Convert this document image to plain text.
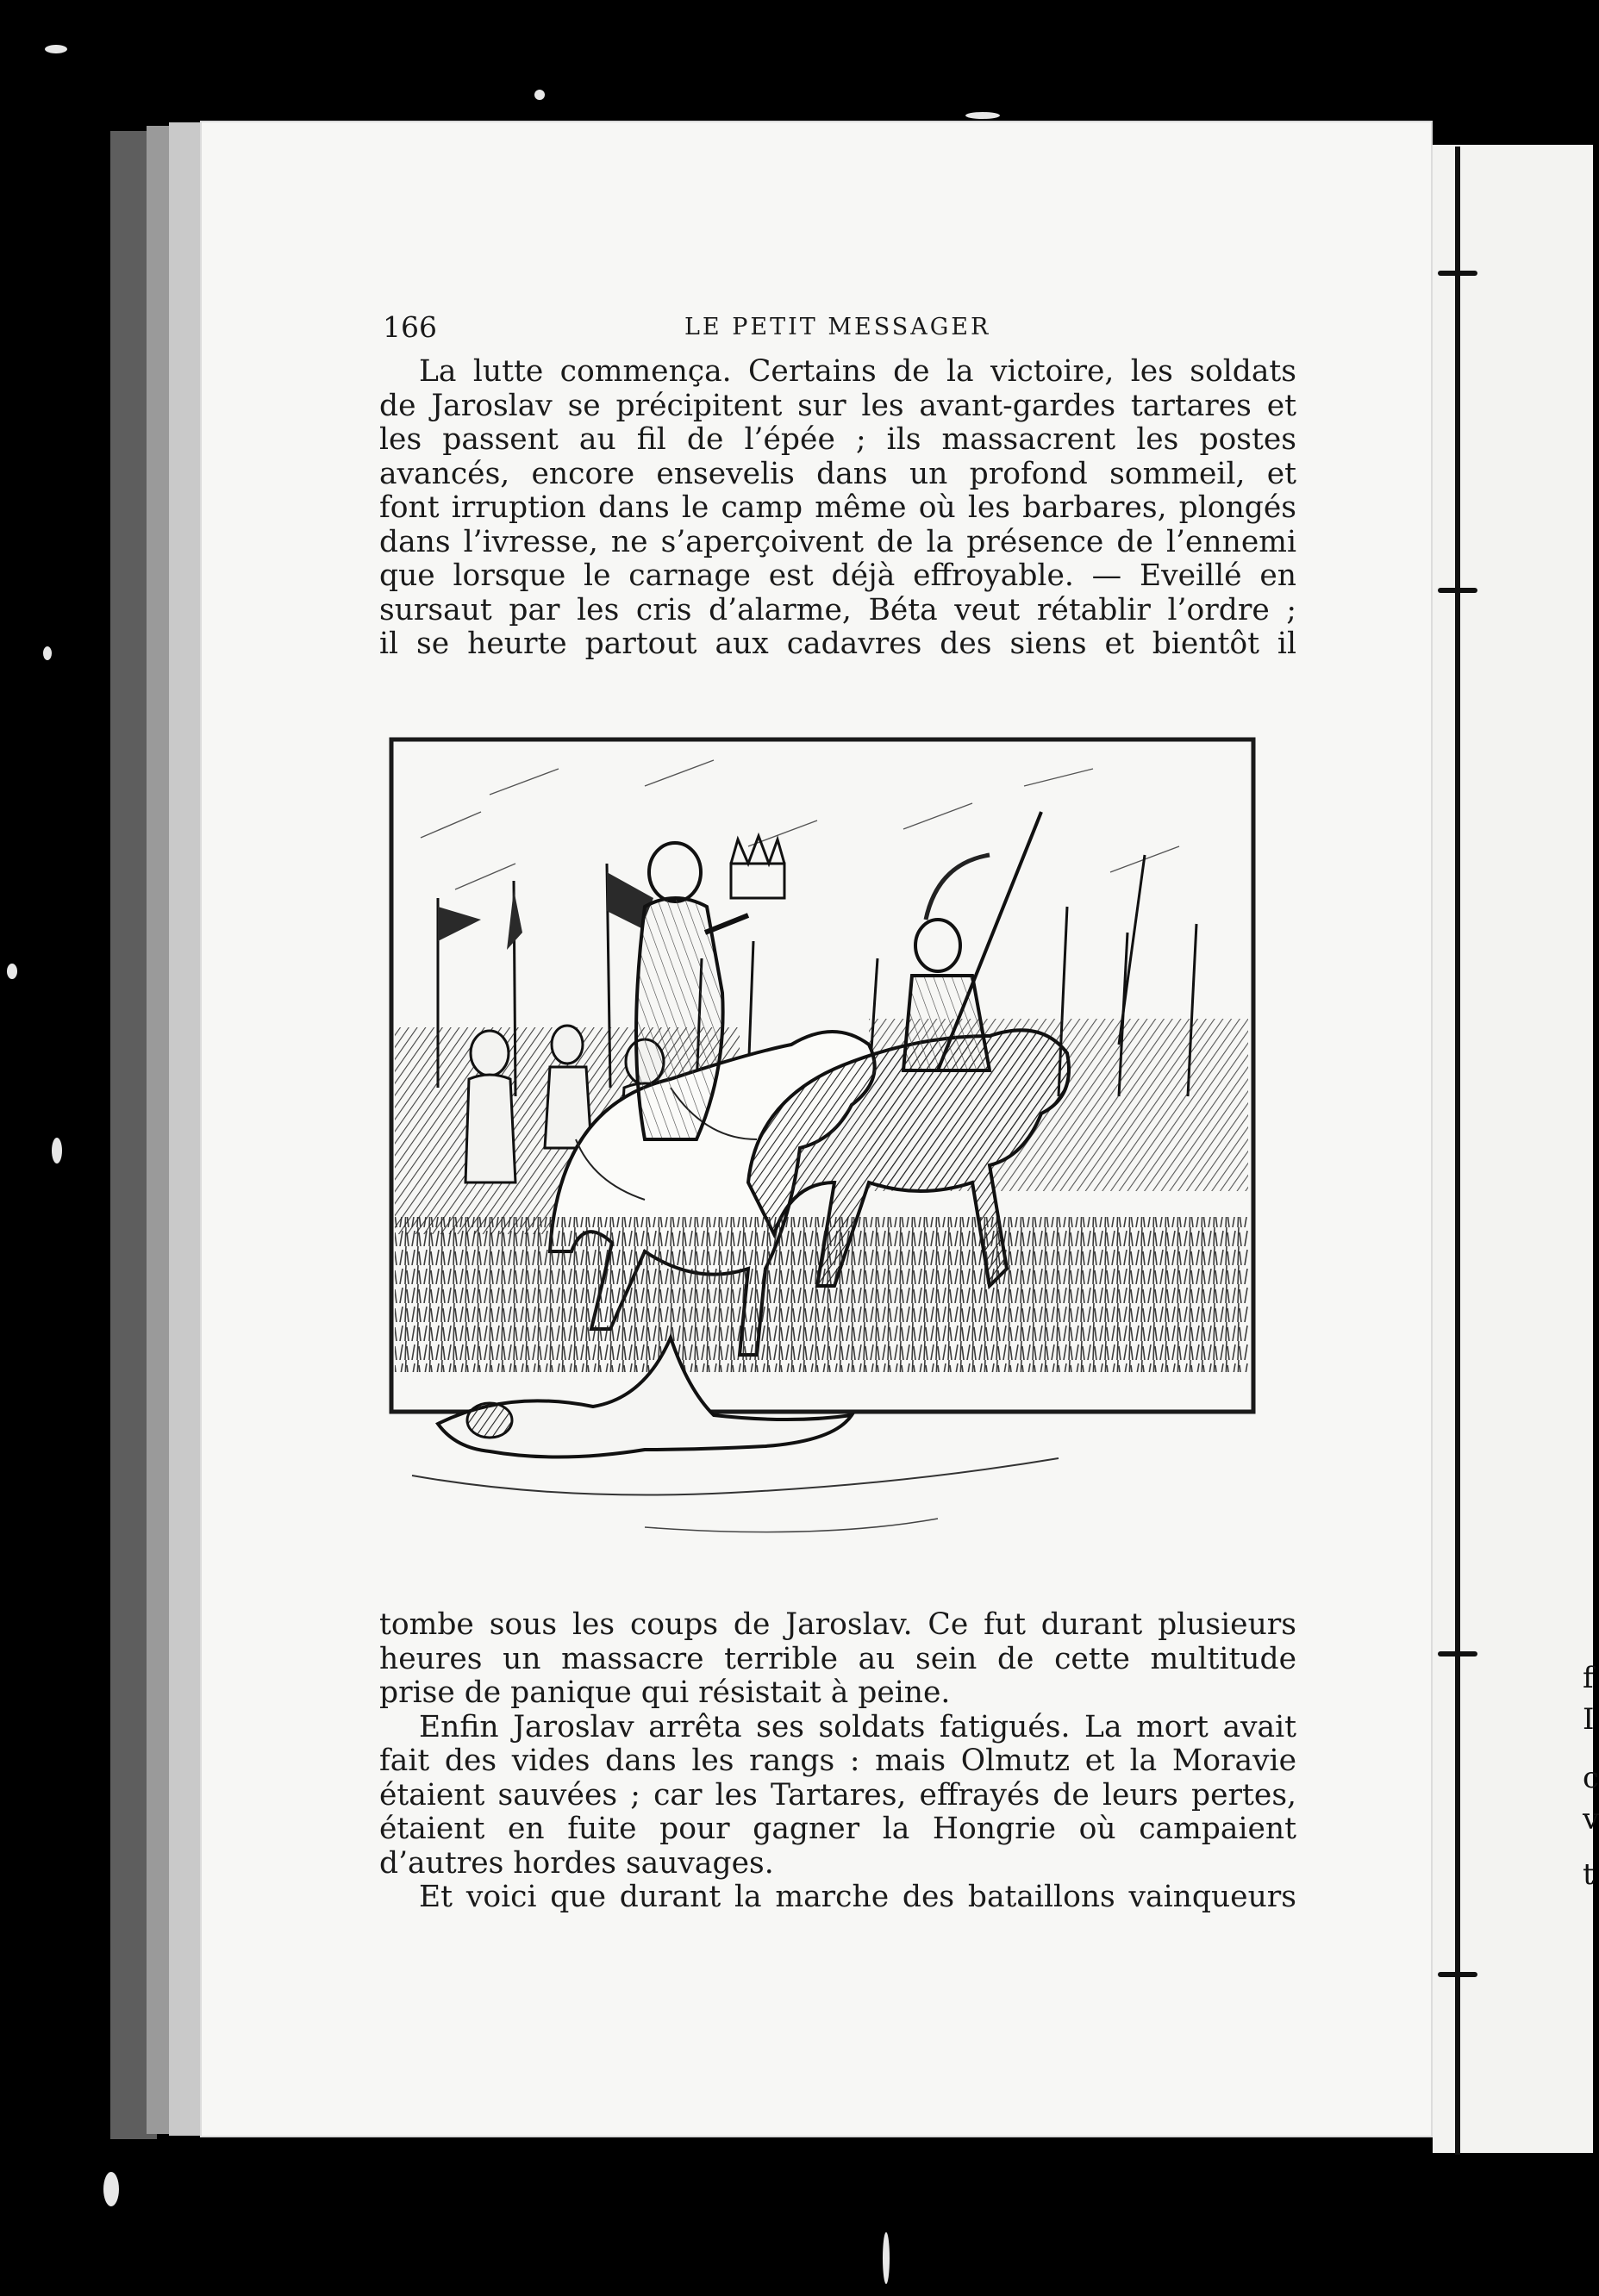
f
I
c
v
t
166	LE PETIT MESSAGER
La lutte commença. Certains de la victoire, les soldats
de Jaroslav se précipitent sur les avant-gardes tartares et
les passent au fil de l’épée ; ils massacrent les postes
avancés, encore ensevelis dans un profond sommeil, et
font irruption dans le camp même où les barbares, plongés
dans l’ivresse, ne s’aperçoivent de la présence de l’ennemi
que lorsque le carnage est déjà effroyable. — Eveillé en
sursaut par les cris d’alarme, Béta veut rétablir l’ordre ;
il se heurte partout aux cadavres des siens et bientôt il
tombe sous les coups de Jaroslav. Ce fut durant plusieurs
heures un massacre terrible au sein de cette multitude
prise de panique qui résistait à peine.
Enfin Jaroslav arrêta ses soldats fatigués. La mort avait
fait des vides dans les rangs : mais Olmutz et la Moravie
étaient sauvées ; car les Tartares, effrayés de leurs pertes,
étaient en fuite pour gagner la Hongrie où campaient
d’autres hordes sauvages.
Et voici que durant la marche des bataillons vainqueurs
